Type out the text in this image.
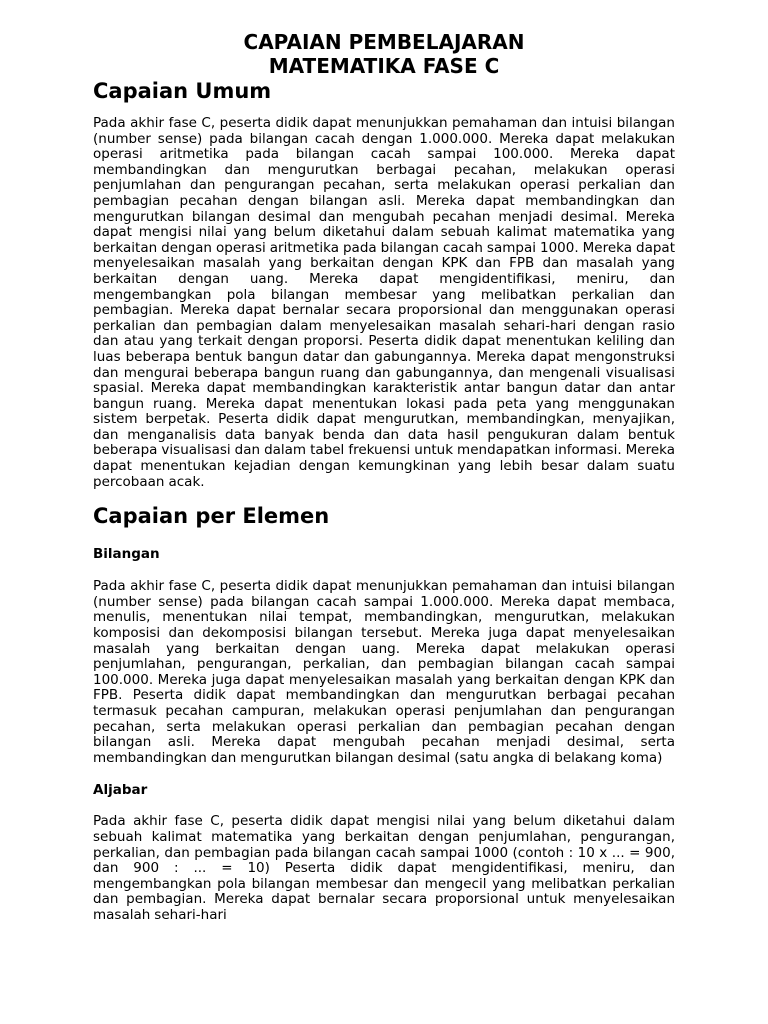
CAPAIAN PEMBELAJARAN

MATEMATIKA FASE C

Capaian Umum

Pada akhir fase C, peserta didik dapat menunjukkan pemahaman dan intuisi bilangan (number sense) pada bilangan cacah dengan 1.000.000. Mereka dapat melakukan operasi aritmetika pada bilangan cacah sampai 100.000. Mereka dapat membandingkan dan mengurutkan berbagai pecahan, melakukan operasi penjumlahan dan pengurangan pecahan, serta melakukan operasi perkalian dan pembagian pecahan dengan bilangan asli. Mereka dapat membandingkan dan mengurutkan bilangan desimal dan mengubah pecahan menjadi desimal. Mereka dapat mengisi nilai yang belum diketahui dalam sebuah kalimat matematika yang berkaitan dengan operasi aritmetika pada bilangan cacah sampai 1000. Mereka dapat menyelesaikan masalah yang berkaitan dengan KPK dan FPB dan masalah yang berkaitan dengan uang. Mereka dapat mengidentifikasi, meniru, dan mengembangkan pola bilangan membesar yang melibatkan perkalian dan pembagian. Mereka dapat bernalar secara proporsional dan menggunakan operasi perkalian dan pembagian dalam menyelesaikan masalah sehari-hari dengan rasio dan atau yang terkait dengan proporsi. Peserta didik dapat menentukan keliling dan luas beberapa bentuk bangun datar dan gabungannya. Mereka dapat mengonstruksi dan mengurai beberapa bangun ruang dan gabungannya, dan mengenali visualisasi spasial. Mereka dapat membandingkan karakteristik antar bangun datar dan antar bangun ruang. Mereka dapat menentukan lokasi pada peta yang menggunakan sistem berpetak. Peserta didik dapat mengurutkan, membandingkan, menyajikan, dan menganalisis data banyak benda dan data hasil pengukuran dalam bentuk beberapa visualisasi dan dalam tabel frekuensi untuk mendapatkan informasi. Mereka dapat menentukan kejadian dengan kemungkinan yang lebih besar dalam suatu percobaan acak.

Capaian per Elemen
Bilangan

Pada akhir fase C, peserta didik dapat menunjukkan pemahaman dan intuisi bilangan (number sense) pada bilangan cacah sampai 1.000.000. Mereka dapat membaca, menulis, menentukan nilai tempat, membandingkan, mengurutkan, melakukan komposisi dan dekomposisi bilangan tersebut. Mereka juga dapat menyelesaikan masalah yang berkaitan dengan uang. Mereka dapat melakukan operasi penjumlahan, pengurangan, perkalian, dan pembagian bilangan cacah sampai 100.000. Mereka juga dapat menyelesaikan masalah yang berkaitan dengan KPK dan FPB. Peserta didik dapat membandingkan dan mengurutkan berbagai pecahan termasuk pecahan campuran, melakukan operasi penjumlahan dan pengurangan pecahan, serta melakukan operasi perkalian dan pembagian pecahan dengan bilangan asli. Mereka dapat mengubah pecahan menjadi desimal, serta membandingkan dan mengurutkan bilangan desimal (satu angka di belakang koma)

Aljabar

Pada akhir fase C, peserta didik dapat mengisi nilai yang belum diketahui dalam sebuah kalimat matematika yang berkaitan dengan penjumlahan, pengurangan, perkalian, dan pembagian pada bilangan cacah sampai 1000 (contoh : 10 x ... = 900, dan 900 : ... = 10) Peserta didik dapat mengidentifikasi, meniru, dan mengembangkan pola bilangan membesar dan mengecil yang melibatkan perkalian dan pembagian. Mereka dapat bernalar secara proporsional untuk menyelesaikan masalah sehari-hari
